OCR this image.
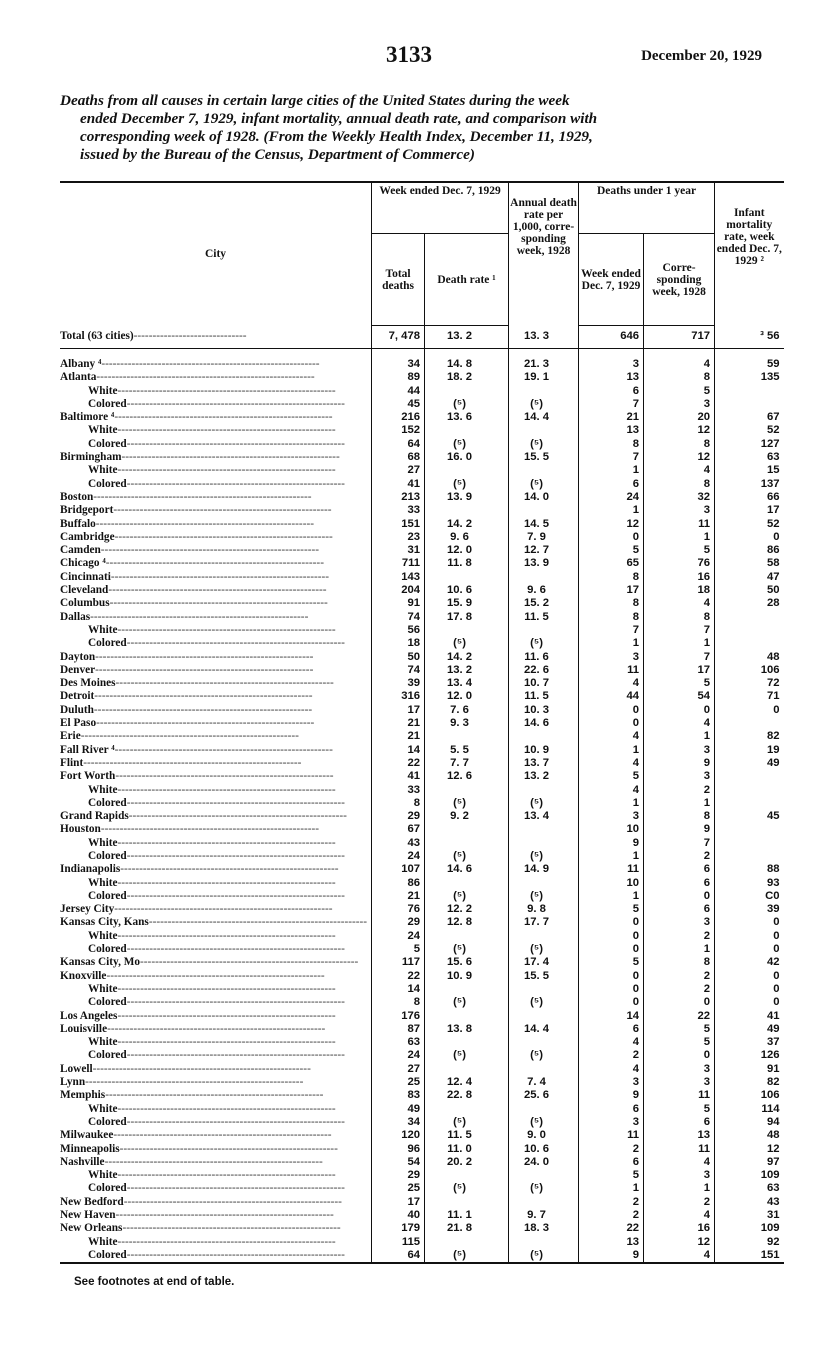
3133	December 20, 1929
Deaths from all causes in certain large cities of the United States during the week
ended December 7, 1929, infant mortality, annual death rate, and comparison with
corresponding week of 1928. (From the Weekly Health Index, December 11, 1929,
issued by the Bureau of the Census, Department of Commerce)
City	Week ended Dec. 7, 1929		Annual death rate per 1,000, corre- sponding week, 1928	Deaths under 1 year		Infant mortality rate, week ended Dec. 7, 1929 ²
	Total deaths	Death rate ¹		Week ended Dec. 7, 1929	Corre- sponding week, 1928	
Total (63 cities)------------------------------	7, 478	13. 2	13. 3	646	717	³ 56

Albany ⁴----------------------------------------------------------	34	14. 8	21. 3	3	4	59
Atlanta----------------------------------------------------------	89	18. 2	19. 1	13	8	135
White----------------------------------------------------------	44			6	5	
Colored----------------------------------------------------------	45	(⁵)	(⁵)	7	3	
Baltimore ⁴----------------------------------------------------------	216	13. 6	14. 4	21	20	67
White----------------------------------------------------------	152			13	12	52
Colored----------------------------------------------------------	64	(⁵)	(⁵)	8	8	127
Birmingham----------------------------------------------------------	68	16. 0	15. 5	7	12	63
White----------------------------------------------------------	27			1	4	15
Colored----------------------------------------------------------	41	(⁵)	(⁵)	6	8	137
Boston----------------------------------------------------------	213	13. 9	14. 0	24	32	66
Bridgeport----------------------------------------------------------	33			1	3	17
Buffalo----------------------------------------------------------	151	14. 2	14. 5	12	11	52
Cambridge----------------------------------------------------------	23	9. 6	7. 9	0	1	0
Camden----------------------------------------------------------	31	12. 0	12. 7	5	5	86
Chicago ⁴----------------------------------------------------------	711	11. 8	13. 9	65	76	58
Cincinnati----------------------------------------------------------	143			8	16	47
Cleveland----------------------------------------------------------	204	10. 6	9. 6	17	18	50
Columbus----------------------------------------------------------	91	15. 9	15. 2	8	4	28
Dallas----------------------------------------------------------	74	17. 8	11. 5	8	8	
White----------------------------------------------------------	56			7	7	
Colored----------------------------------------------------------	18	(⁵)	(⁵)	1	1	
Dayton----------------------------------------------------------	50	14. 2	11. 6	3	7	48
Denver----------------------------------------------------------	74	13. 2	22. 6	11	17	106
Des Moines----------------------------------------------------------	39	13. 4	10. 7	4	5	72
Detroit----------------------------------------------------------	316	12. 0	11. 5	44	54	71
Duluth----------------------------------------------------------	17	7. 6	10. 3	0	0	0
El Paso----------------------------------------------------------	21	9. 3	14. 6	0	4	
Erie----------------------------------------------------------	21			4	1	82
Fall River ⁴----------------------------------------------------------	14	5. 5	10. 9	1	3	19
Flint----------------------------------------------------------	22	7. 7	13. 7	4	9	49
Fort Worth----------------------------------------------------------	41	12. 6	13. 2	5	3	
White----------------------------------------------------------	33			4	2	
Colored----------------------------------------------------------	8	(⁵)	(⁵)	1	1	
Grand Rapids----------------------------------------------------------	29	9. 2	13. 4	3	8	45
Houston----------------------------------------------------------	67			10	9	
White----------------------------------------------------------	43			9	7	
Colored----------------------------------------------------------	24	(⁵)	(⁵)	1	2	
Indianapolis----------------------------------------------------------	107	14. 6	14. 9	11	6	88
White----------------------------------------------------------	86			10	6	93
Colored----------------------------------------------------------	21	(⁵)	(⁵)	1	0	C0
Jersey City----------------------------------------------------------	76	12. 2	9. 8	5	6	39
Kansas City, Kans----------------------------------------------------------	29	12. 8	17. 7	0	3	0
White----------------------------------------------------------	24			0	2	0
Colored----------------------------------------------------------	5	(⁵)	(⁵)	0	1	0
Kansas City, Mo----------------------------------------------------------	117	15. 6	17. 4	5	8	42
Knoxville----------------------------------------------------------	22	10. 9	15. 5	0	2	0
White----------------------------------------------------------	14			0	2	0
Colored----------------------------------------------------------	8	(⁵)	(⁵)	0	0	0
Los Angeles----------------------------------------------------------	176			14	22	41
Louisville----------------------------------------------------------	87	13. 8	14. 4	6	5	49
White----------------------------------------------------------	63			4	5	37
Colored----------------------------------------------------------	24	(⁵)	(⁵)	2	0	126
Lowell----------------------------------------------------------	27			4	3	91
Lynn----------------------------------------------------------	25	12. 4	7. 4	3	3	82
Memphis----------------------------------------------------------	83	22. 8	25. 6	9	11	106
White----------------------------------------------------------	49			6	5	114
Colored----------------------------------------------------------	34	(⁵)	(⁵)	3	6	94
Milwaukee----------------------------------------------------------	120	11. 5	9. 0	11	13	48
Minneapolis----------------------------------------------------------	96	11. 0	10. 6	2	11	12
Nashville----------------------------------------------------------	54	20. 2	24. 0	6	4	97
White----------------------------------------------------------	29			5	3	109
Colored----------------------------------------------------------	25	(⁵)	(⁵)	1	1	63
New Bedford----------------------------------------------------------	17			2	2	43
New Haven----------------------------------------------------------	40	11. 1	9. 7	2	4	31
New Orleans----------------------------------------------------------	179	21. 8	18. 3	22	16	109
White----------------------------------------------------------	115			13	12	92
Colored----------------------------------------------------------	64	(⁵)	(⁵)	9	4	151
See footnotes at end of table.
